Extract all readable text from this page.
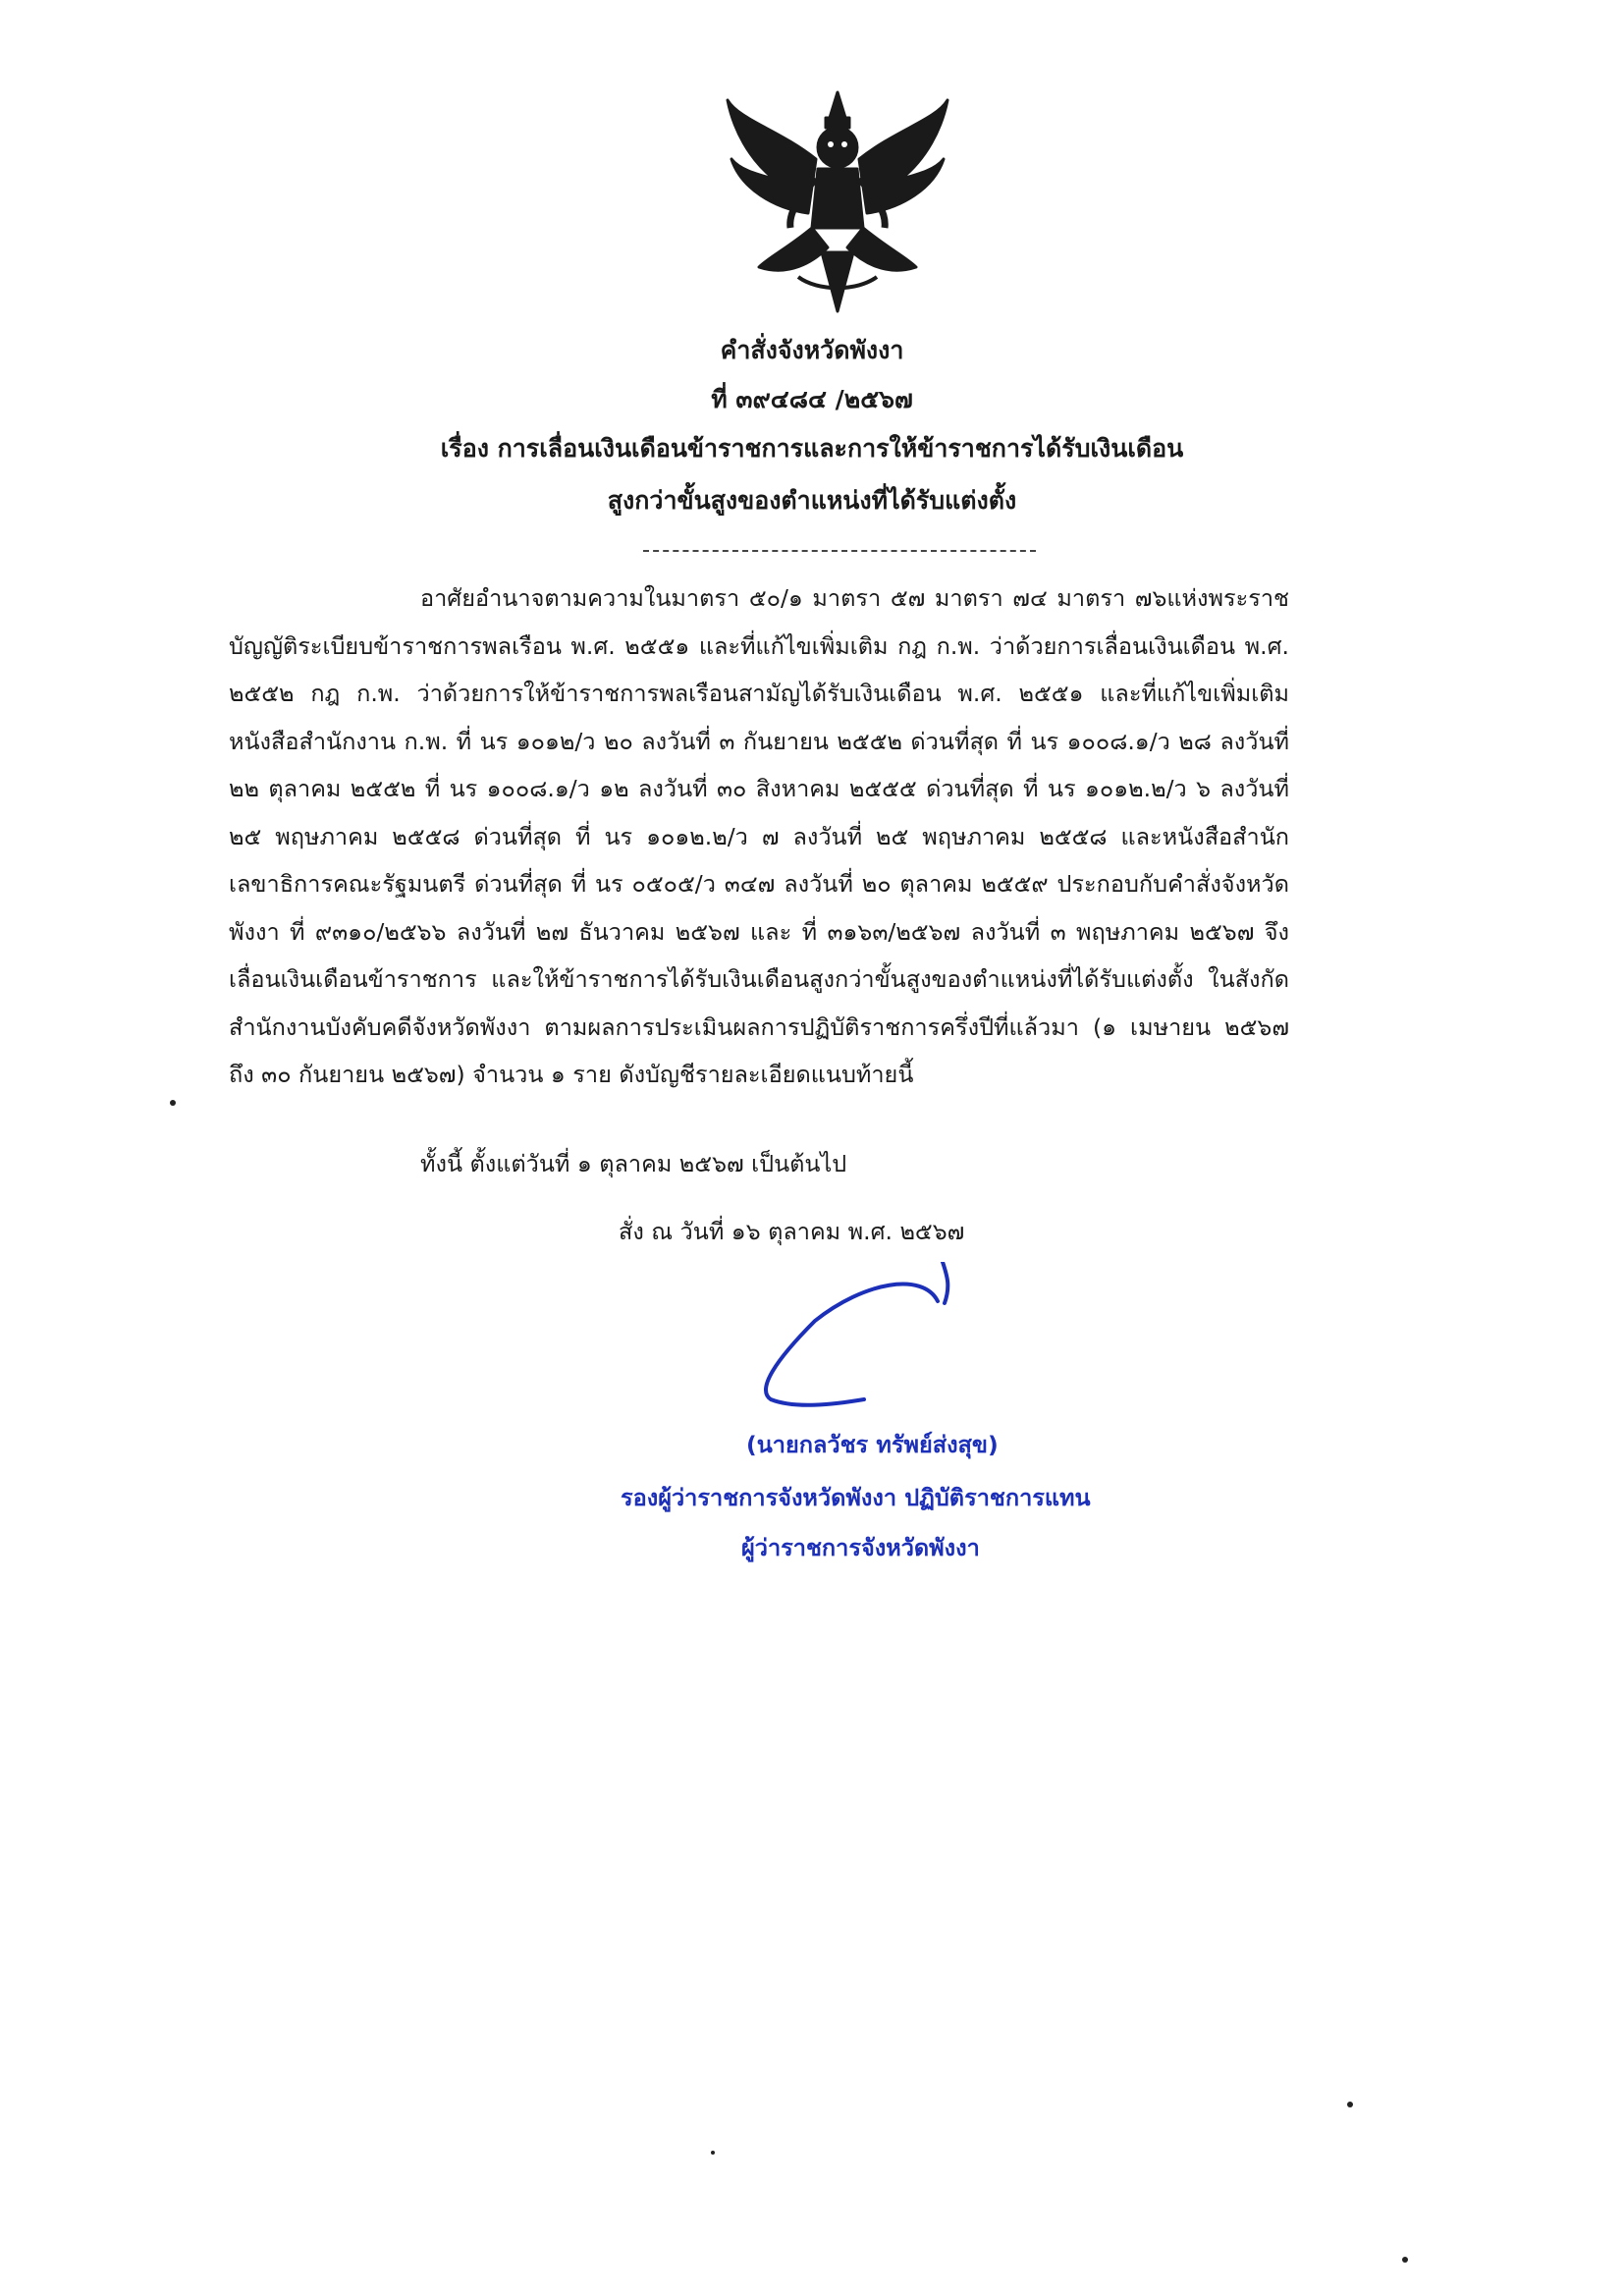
คำสั่งจังหวัดพังงา
ที่ ๓๙๔๘๔ /๒๕๖๗
เรื่อง การเลื่อนเงินเดือนข้าราชการและการให้ข้าราชการได้รับเงินเดือน
สูงกว่าขั้นสูงของตำแหน่งที่ได้รับแต่งตั้ง
อาศัยอำนาจตามความในมาตรา ๕๐/๑ มาตรา ๕๗ มาตรา ๗๔ มาตรา ๗๖แห่งพระราชบัญญัติระเบียบข้าราชการพลเรือน พ.ศ. ๒๕๕๑ และที่แก้ไขเพิ่มเติม กฎ ก.พ. ว่าด้วยการเลื่อนเงินเดือน พ.ศ. ๒๕๕๒ กฎ ก.พ. ว่าด้วยการให้ข้าราชการพลเรือนสามัญได้รับเงินเดือน พ.ศ. ๒๕๕๑ และที่แก้ไขเพิ่มเติม หนังสือสำนักงาน ก.พ. ที่ นร ๑๐๑๒/ว ๒๐ ลงวันที่ ๓ กันยายน ๒๕๕๒ ด่วนที่สุด ที่ นร ๑๐๐๘.๑/ว ๒๘ ลงวันที่ ๒๒ ตุลาคม ๒๕๕๒ ที่ นร ๑๐๐๘.๑/ว ๑๒ ลงวันที่ ๓๐ สิงหาคม ๒๕๕๕ ด่วนที่สุด ที่ นร ๑๐๑๒.๒/ว ๖ ลงวันที่ ๒๕ พฤษภาคม ๒๕๕๘ ด่วนที่สุด ที่ นร ๑๐๑๒.๒/ว ๗ ลงวันที่ ๒๕ พฤษภาคม ๒๕๕๘ และหนังสือสำนักเลขาธิการคณะรัฐมนตรี ด่วนที่สุด ที่ นร ๐๕๐๕/ว ๓๔๗ ลงวันที่ ๒๐ ตุลาคม ๒๕๕๙ ประกอบกับคำสั่งจังหวัดพังงา ที่ ๙๓๑๐/๒๕๖๖ ลงวันที่ ๒๗ ธันวาคม ๒๕๖๗ และ ที่ ๓๑๖๓/๒๕๖๗ ลงวันที่ ๓ พฤษภาคม ๒๕๖๗ จึงเลื่อนเงินเดือนข้าราชการ และให้ข้าราชการได้รับเงินเดือนสูงกว่าขั้นสูงของตำแหน่งที่ได้รับแต่งตั้ง ในสังกัดสำนักงานบังคับคดีจังหวัดพังงา ตามผลการประเมินผลการปฏิบัติราชการครึ่งปีที่แล้วมา (๑ เมษายน ๒๕๖๗ ถึง ๓๐ กันยายน ๒๕๖๗) จำนวน ๑ ราย ดังบัญชีรายละเอียดแนบท้ายนี้
ทั้งนี้ ตั้งแต่วันที่ ๑ ตุลาคม ๒๕๖๗ เป็นต้นไป
สั่ง ณ วันที่ ๑๖ ตุลาคม พ.ศ. ๒๕๖๗
(นายกลวัชร ทรัพย์ส่งสุข)
รองผู้ว่าราชการจังหวัดพังงา ปฏิบัติราชการแทน
ผู้ว่าราชการจังหวัดพังงา
